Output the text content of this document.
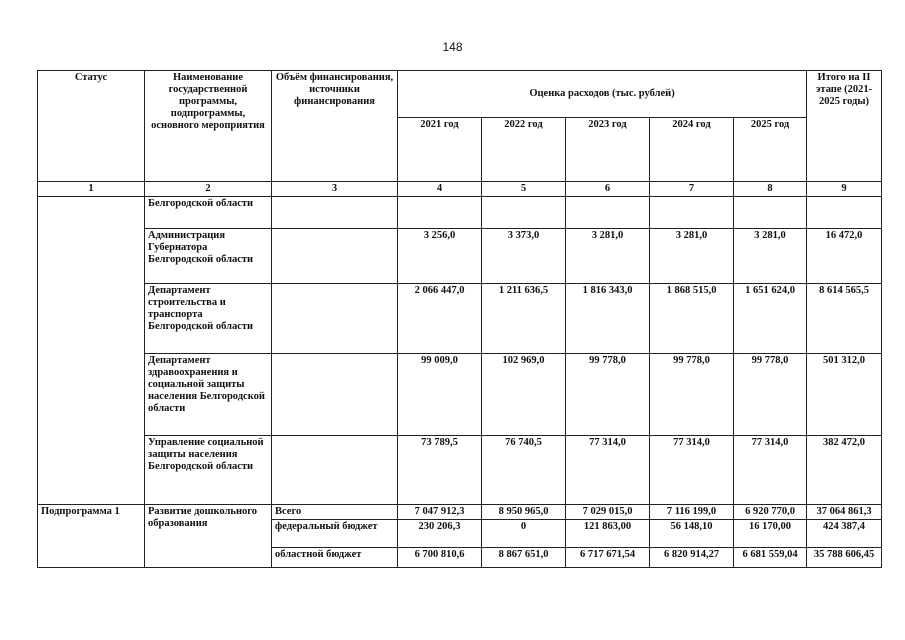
148
Статус	Наименование государственной программы, подпрограммы, основного мероприятия	Объём финансирования, источники финансирования	Оценка расходов (тыс. рублей)					Итого на II этапе (2021-2025 годы)
			2021 год	2022 год	2023 год	2024 год	2025 год	
1	2	3	4	5	6	7	8	9
	Белгородской области							
	Администрация Губернатора Белгородской области		3 256,0	3 373,0	3 281,0	3 281,0	3 281,0	16 472,0
	Департамент строительства и транспорта Белгородской области		2 066 447,0	1 211 636,5	1 816 343,0	1 868 515,0	1 651 624,0	8 614 565,5
	Департамент здравоохранения и социальной защиты населения Белгородской области		99 009,0	102 969,0	99 778,0	99 778,0	99 778,0	501 312,0
	Управление социальной защиты населения Белгородской области		73 789,5	76 740,5	77 314,0	77 314,0	77 314,0	382 472,0
Подпрограмма 1	Развитие дошкольного образования	Всего	7 047 912,3	8 950 965,0	7 029 015,0	7 116 199,0	6 920 770,0	37 064 861,3
		федеральный бюджет	230 206,3	0	121 863,00	56 148,10	16 170,00	424 387,4
		областной бюджет	6 700 810,6	8 867 651,0	6 717 671,54	6 820 914,27	6 681 559,04	35 788 606,45
